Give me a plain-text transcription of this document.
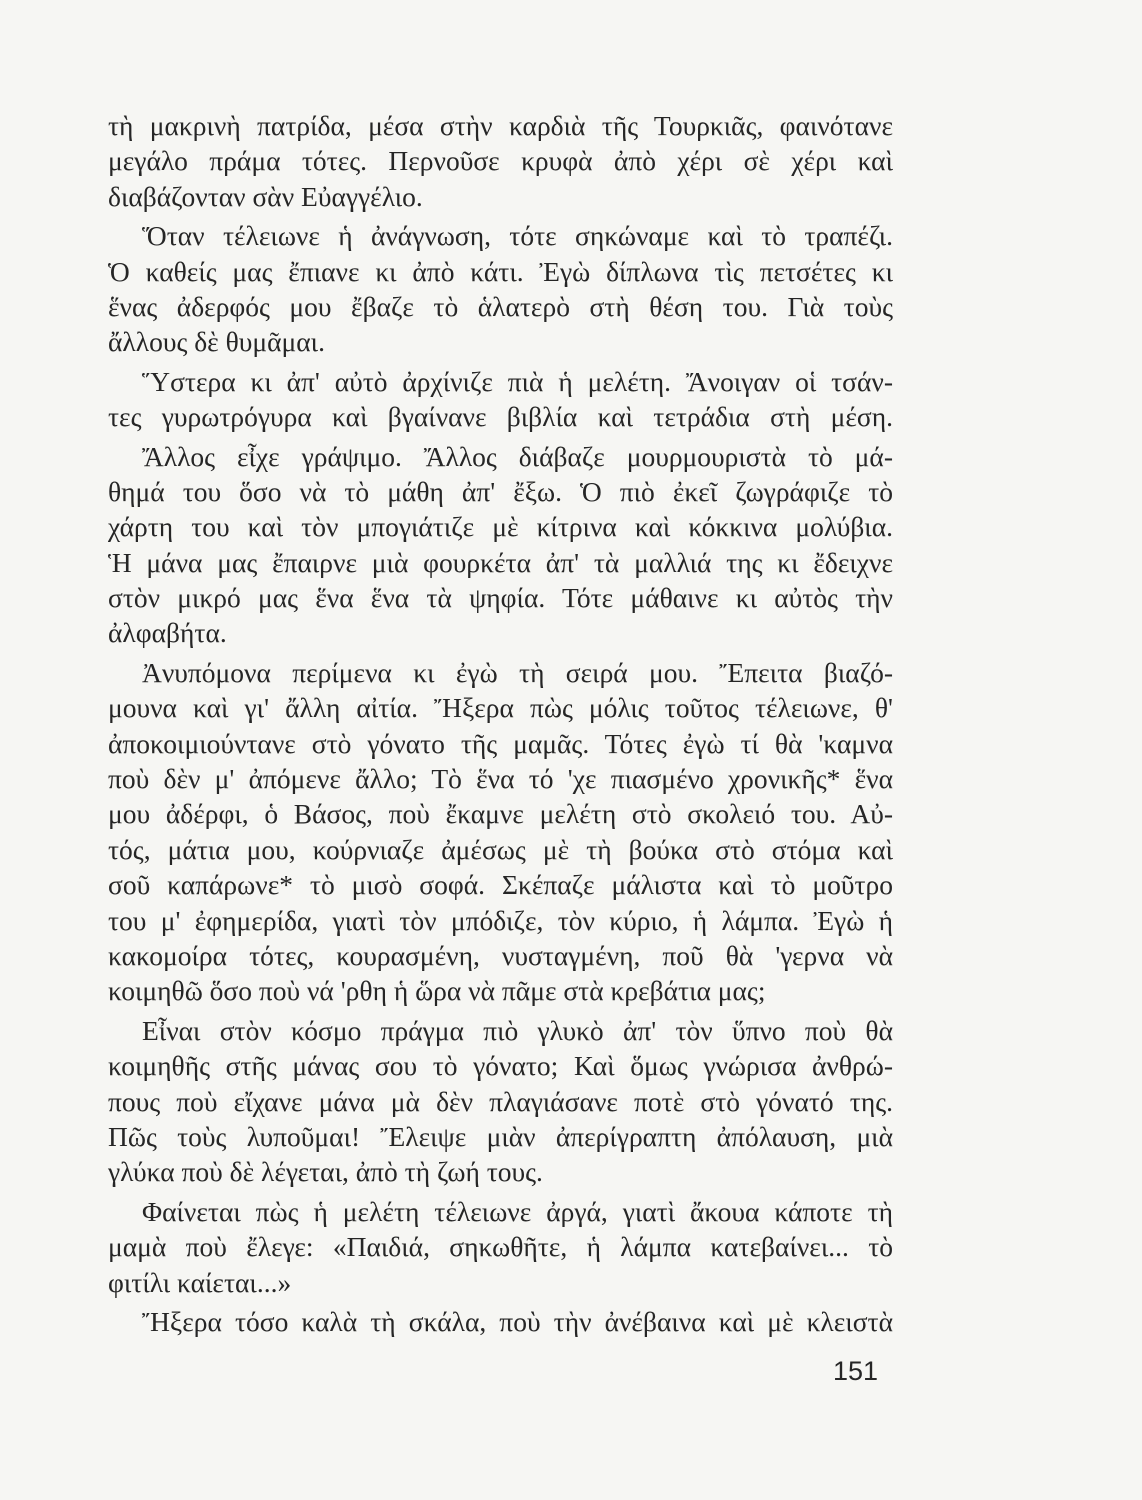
τὴ μακρινὴ πατρίδα, μέσα στὴν καρδιὰ τῆς Τουρκιᾶς, φαινότανε
μεγάλο πράμα τότες. Περνοῦσε κρυφὰ ἀπὸ χέρι σὲ χέρι καὶ
διαβάζονταν σὰν Εὐαγγέλιο.
Ὅταν τέλειωνε ἡ ἀνάγνωση, τότε σηκώναμε καὶ τὸ τραπέζι.
Ὁ καθείς μας ἔπιανε κι ἀπὸ κάτι. Ἐγὼ δίπλωνα τὶς πετσέτες κι
ἕνας ἀδερφός μου ἔβαζε τὸ ἁλατερὸ στὴ θέση του. Γιὰ τοὺς
ἄλλους δὲ θυμᾶμαι.
Ὕστερα κι ἀπ' αὐτὸ ἀρχίνιζε πιὰ ἡ μελέτη. Ἄνοιγαν οἱ τσάν-
τες γυρωτρόγυρα καὶ βγαίνανε βιβλία καὶ τετράδια στὴ μέση.
Ἄλλος εἶχε γράψιμο. Ἄλλος διάβαζε μουρμουριστὰ τὸ μά-
θημά του ὅσο νὰ τὸ μάθη ἀπ' ἔξω. Ὁ πιὸ ἐκεῖ ζωγράφιζε τὸ
χάρτη του καὶ τὸν μπογιάτιζε μὲ κίτρινα καὶ κόκκινα μολύβια.
Ἡ μάνα μας ἔπαιρνε μιὰ φουρκέτα ἀπ' τὰ μαλλιά της κι ἔδειχνε
στὸν μικρό μας ἕνα ἕνα τὰ ψηφία. Τότε μάθαινε κι αὐτὸς τὴν
ἀλφαβήτα.
Ἀνυπόμονα περίμενα κι ἐγὼ τὴ σειρά μου. Ἔπειτα βιαζό-
μουνα καὶ γι' ἄλλη αἰτία. Ἤξερα πὼς μόλις τοῦτος τέλειωνε, θ'
ἀποκοιμιούντανε στὸ γόνατο τῆς μαμᾶς. Τότες ἐγὼ τί θὰ 'καμνα
ποὺ δὲν μ' ἀπόμενε ἄλλο; Τὸ ἕνα τό 'χε πιασμένο χρονικῆς* ἕνα
μου ἀδέρφι, ὁ Βάσος, ποὺ ἔκαμνε μελέτη στὸ σκολειό του. Αὐ-
τός, μάτια μου, κούρνιαζε ἀμέσως μὲ τὴ βούκα στὸ στόμα καὶ
σοῦ καπάρωνε* τὸ μισὸ σοφά. Σκέπαζε μάλιστα καὶ τὸ μοῦτρο
του μ' ἐφημερίδα, γιατὶ τὸν μπόδιζε, τὸν κύριο, ἡ λάμπα. Ἐγὼ ἡ
κακομοίρα τότες, κουρασμένη, νυσταγμένη, ποῦ θὰ 'γερνα νὰ
κοιμηθῶ ὅσο ποὺ νά 'ρθη ἡ ὥρα νὰ πᾶμε στὰ κρεβάτια μας;
Εἶναι στὸν κόσμο πράγμα πιὸ γλυκὸ ἀπ' τὸν ὕπνο ποὺ θὰ
κοιμηθῆς στῆς μάνας σου τὸ γόνατο; Καὶ ὅμως γνώρισα ἀνθρώ-
πους ποὺ εἴχανε μάνα μὰ δὲν πλαγιάσανε ποτὲ στὸ γόνατό της.
Πῶς τοὺς λυποῦμαι! Ἔλειψε μιὰν ἀπερίγραπτη ἀπόλαυση, μιὰ
γλύκα ποὺ δὲ λέγεται, ἀπὸ τὴ ζωή τους.
Φαίνεται πὼς ἡ μελέτη τέλειωνε ἀργά, γιατὶ ἄκουα κάποτε τὴ
μαμὰ ποὺ ἔλεγε: «Παιδιά, σηκωθῆτε, ἡ λάμπα κατεβαίνει... τὸ
φιτίλι καίεται...»
Ἤξερα τόσο καλὰ τὴ σκάλα, ποὺ τὴν ἀνέβαινα καὶ μὲ κλειστὰ
151
